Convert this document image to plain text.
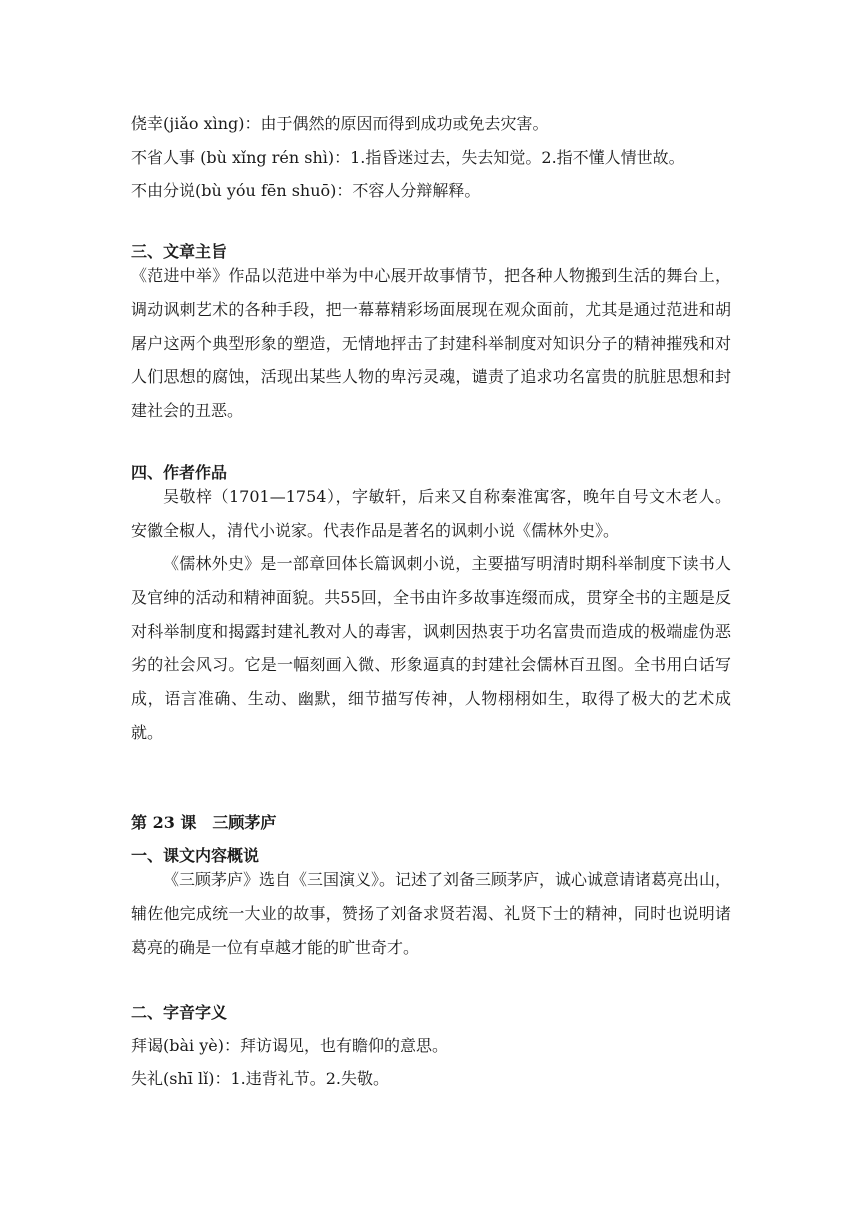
侥幸(jiǎo xìng)：由于偶然的原因而得到成功或免去灾害。
不省人事 (bù xǐng rén shì)：1.指昏迷过去，失去知觉。2.指不懂人情世故。
不由分说(bù yóu fēn shuō)：不容人分辩解释。
三、文章主旨
《范进中举》作品以范进中举为中心展开故事情节，把各种人物搬到生活的舞台上，调动讽刺艺术的各种手段，把一幕幕精彩场面展现在观众面前，尤其是通过范进和胡屠户这两个典型形象的塑造，无情地抨击了封建科举制度对知识分子的精神摧残和对人们思想的腐蚀，活现出某些人物的卑污灵魂，谴责了追求功名富贵的肮脏思想和封建社会的丑恶。
四、作者作品
吴敬梓（1701—1754），字敏轩，后来又自称秦淮寓客，晚年自号文木老人。安徽全椒人，清代小说家。代表作品是著名的讽刺小说《儒林外史》。
《儒林外史》是一部章回体长篇讽刺小说，主要描写明清时期科举制度下读书人及官绅的活动和精神面貌。共55回，全书由许多故事连缀而成，贯穿全书的主题是反对科举制度和揭露封建礼教对人的毒害，讽刺因热衷于功名富贵而造成的极端虚伪恶劣的社会风习。它是一幅刻画入微、形象逼真的封建社会儒林百丑图。全书用白话写成，语言准确、生动、幽默，细节描写传神，人物栩栩如生，取得了极大的艺术成就。
第 23 课　三顾茅庐
一、课文内容概说
《三顾茅庐》选自《三国演义》。记述了刘备三顾茅庐，诚心诚意请诸葛亮出山，辅佐他完成统一大业的故事，赞扬了刘备求贤若渴、礼贤下士的精神，同时也说明诸葛亮的确是一位有卓越才能的旷世奇才。
二、字音字义
拜谒(bài yè)：拜访谒见，也有瞻仰的意思。
失礼(shī lǐ)：1.违背礼节。2.失敬。
